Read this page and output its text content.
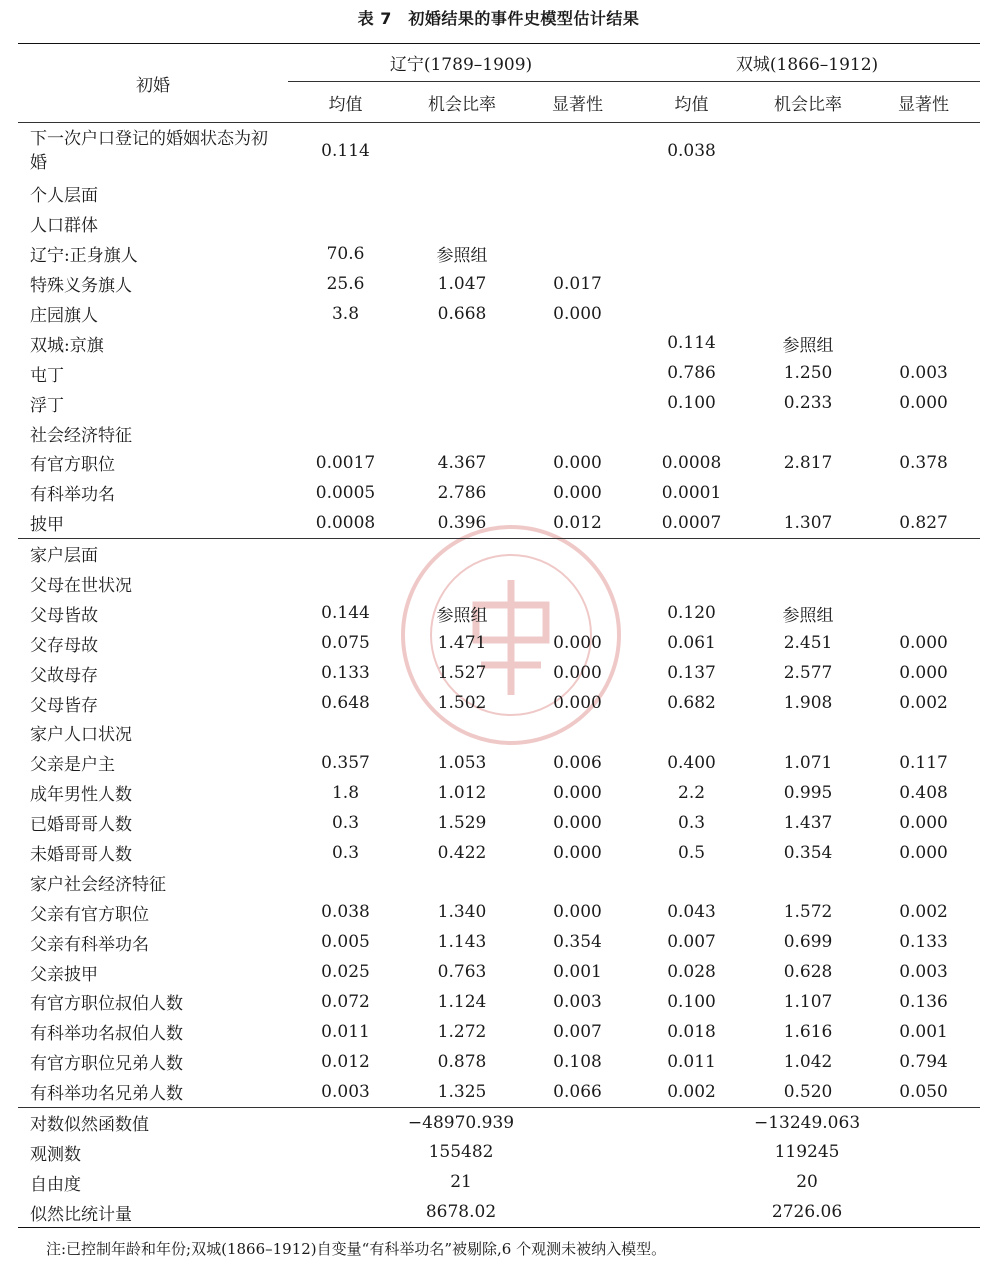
表 7　初婚结果的事件史模型估计结果
初婚	辽宁(1789–1909)			双城(1866–1912)		
	均值	机会比率	显著性	均值	机会比率	显著性
下一次户口登记的婚姻状态为初婚	0.114			0.038		
个人层面						
人口群体						
辽宁:正身旗人	70.6	参照组				
特殊义务旗人	25.6	1.047	0.017			
庄园旗人	3.8	0.668	0.000			
双城:京旗				0.114	参照组	
屯丁				0.786	1.250	0.003
浮丁				0.100	0.233	0.000
社会经济特征						
有官方职位	0.0017	4.367	0.000	0.0008	2.817	0.378
有科举功名	0.0005	2.786	0.000	0.0001		
披甲	0.0008	0.396	0.012	0.0007	1.307	0.827
家户层面						
父母在世状况						
父母皆故	0.144	参照组		0.120	参照组	
父存母故	0.075	1.471	0.000	0.061	2.451	0.000
父故母存	0.133	1.527	0.000	0.137	2.577	0.000
父母皆存	0.648	1.502	0.000	0.682	1.908	0.002
家户人口状况						
父亲是户主	0.357	1.053	0.006	0.400	1.071	0.117
成年男性人数	1.8	1.012	0.000	2.2	0.995	0.408
已婚哥哥人数	0.3	1.529	0.000	0.3	1.437	0.000
未婚哥哥人数	0.3	0.422	0.000	0.5	0.354	0.000
家户社会经济特征						
父亲有官方职位	0.038	1.340	0.000	0.043	1.572	0.002
父亲有科举功名	0.005	1.143	0.354	0.007	0.699	0.133
父亲披甲	0.025	0.763	0.001	0.028	0.628	0.003
有官方职位叔伯人数	0.072	1.124	0.003	0.100	1.107	0.136
有科举功名叔伯人数	0.011	1.272	0.007	0.018	1.616	0.001
有官方职位兄弟人数	0.012	0.878	0.108	0.011	1.042	0.794
有科举功名兄弟人数	0.003	1.325	0.066	0.002	0.520	0.050
对数似然函数值	−48970.939			−13249.063		
观测数	155482			119245		
自由度	21			20		
似然比统计量	8678.02			2726.06		
注:已控制年龄和年份;双城(1866–1912)自变量“有科举功名”被剔除,6 个观测未被纳入模型。
